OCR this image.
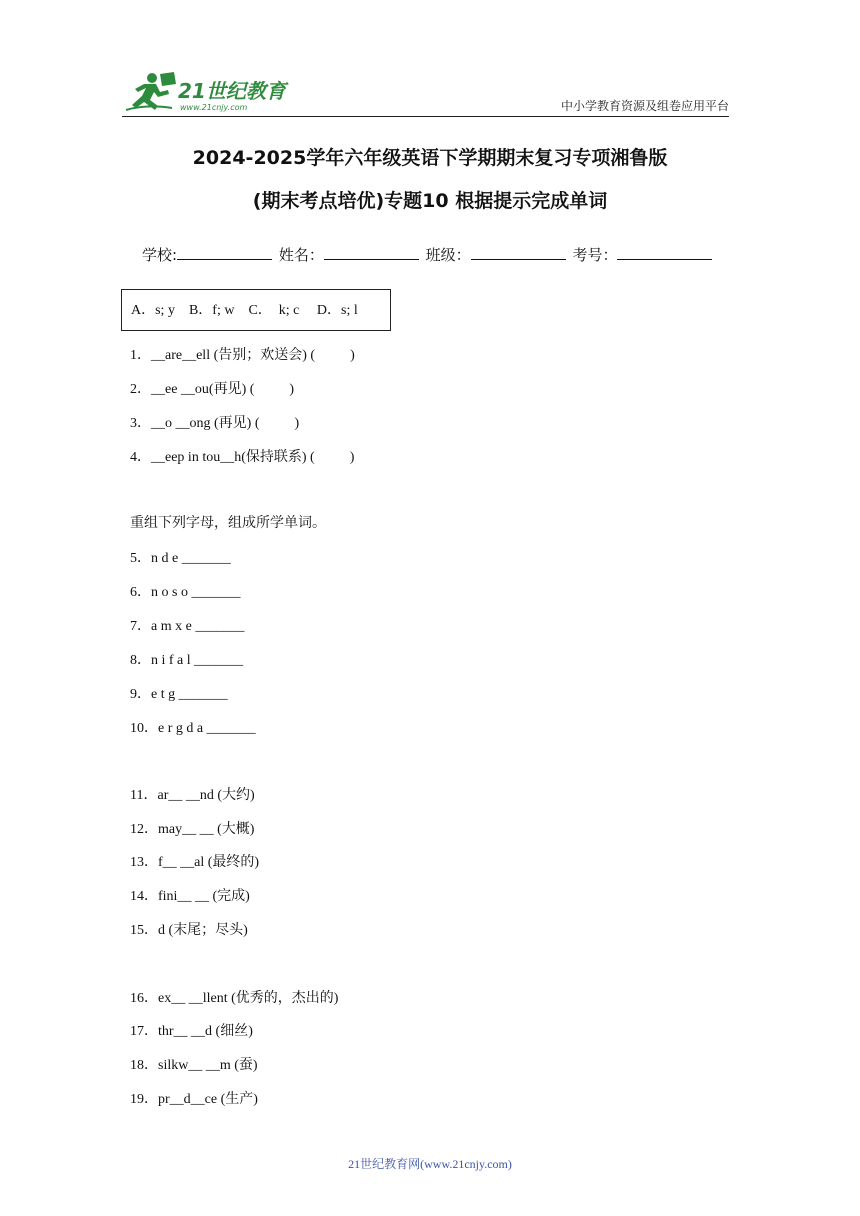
21世纪教育
www.21cnjy.com	中小学教育资源及组卷应用平台
2024-2025学年六年级英语下学期期末复习专项湘鲁版
(期末考点培优)专题10 根据提示完成单词
学校:	姓名：	班级：	考号：
A．s; y    B．f; w    C．  k; c     D．s; l
1．__are__ell (告别；欢送会) (          )
2．__ee __ou(再见) (          )
3．__o __ong (再见) (          )
4．__eep in tou__h(保持联系) (          )
重组下列字母，组成所学单词。
5．n d e _______
6．n o s o _______
7．a m x e _______
8．n i f a l _______
9．e t g _______
10．e r g d a _______
11．ar__ __nd (大约)
12．may__ __ (大概)
13．f__ __al (最终的)
14．fini__ __ (完成)
15．d (末尾；尽头)
16．ex__ __llent (优秀的，杰出的)
17．thr__ __d (细丝)
18．silkw__ __m (蚕)
19．pr__d__ce (生产)
21世纪教育网(www.21cnjy.com)
